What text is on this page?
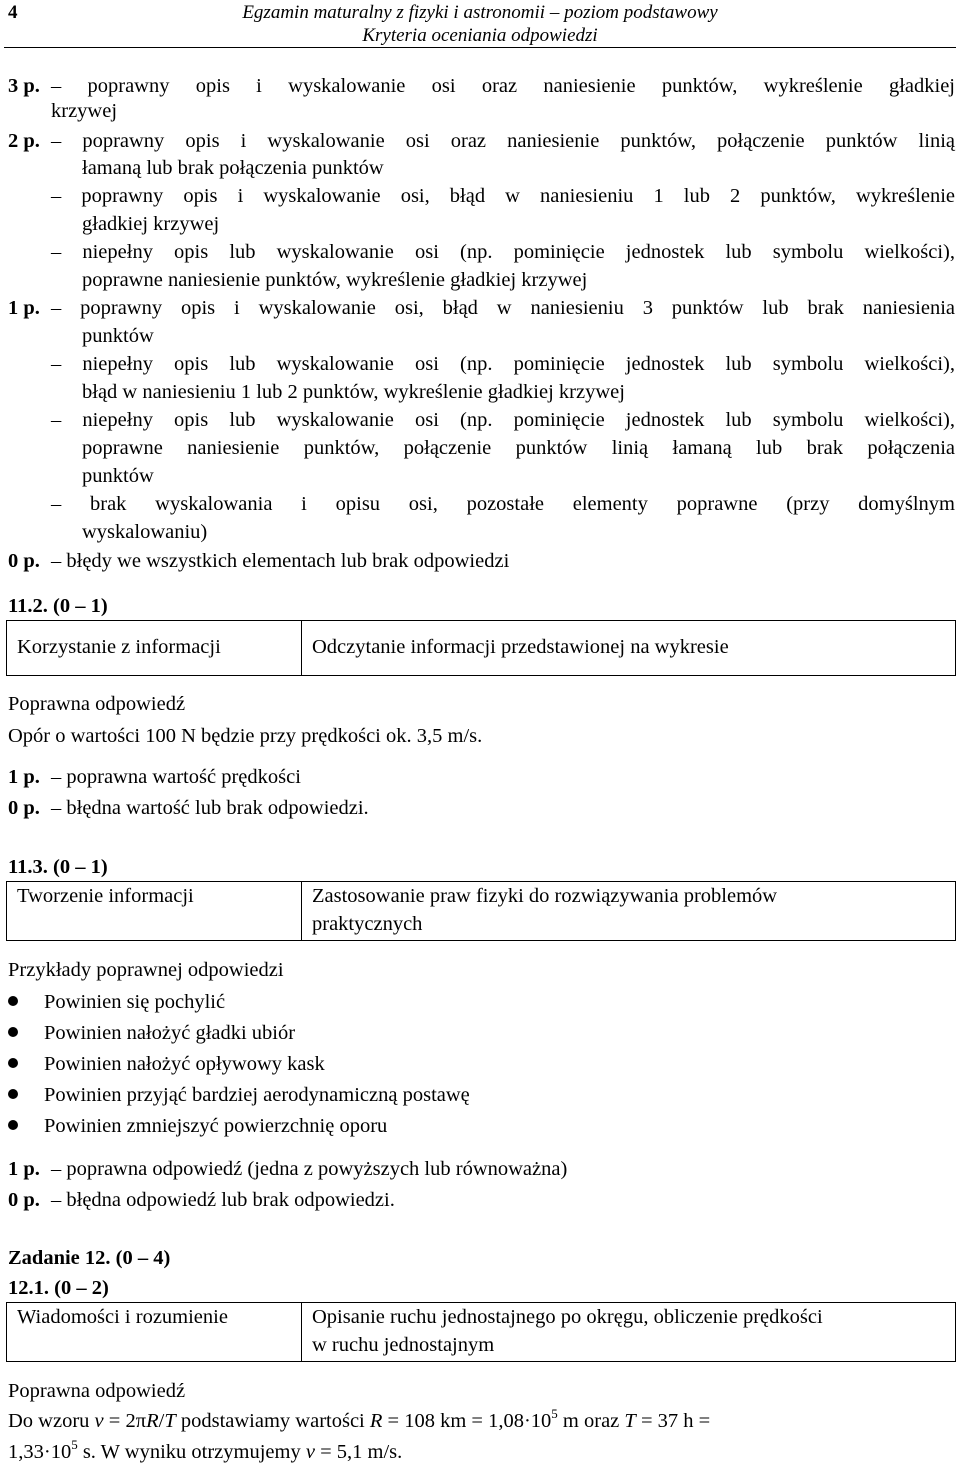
4	Egzamin maturalny z fizyki i astronomii – poziom podstawowy
Kryteria oceniania odpowiedzi
3 p. – poprawny opis i wyskalowanie osi oraz naniesienie punktów, wykreślenie gładkiej
krzywej
2 p. – poprawny opis i wyskalowanie osi oraz naniesienie punktów, połączenie punktów linią
łamaną lub brak połączenia punktów
– poprawny opis i wyskalowanie osi, błąd w naniesieniu 1 lub 2 punktów, wykreślenie
gładkiej krzywej
– niepełny opis lub wyskalowanie osi (np. pominięcie jednostek lub symbolu wielkości),
poprawne naniesienie punktów, wykreślenie gładkiej krzywej
1 p. – poprawny opis i wyskalowanie osi, błąd w naniesieniu 3 punktów lub brak naniesienia
punktów
– niepełny opis lub wyskalowanie osi (np. pominięcie jednostek lub symbolu wielkości),
błąd w naniesieniu 1 lub 2 punktów, wykreślenie gładkiej krzywej
– niepełny opis lub wyskalowanie osi (np. pominięcie jednostek lub symbolu wielkości),
poprawne naniesienie punktów, połączenie punktów linią łamaną lub brak połączenia
punktów
– brak wyskalowania i opisu osi, pozostałe elementy poprawne (przy domyślnym
wyskalowaniu)
0 p. – błędy we wszystkich elementach lub brak odpowiedzi
11.2. (0 – 1)
Korzystanie z informacji	Odczytanie informacji przedstawionej na wykresie
Poprawna odpowiedź
Opór o wartości 100 N będzie przy prędkości ok. 3,5 m/s.
1 p. – poprawna wartość prędkości
0 p. – błędna wartość lub brak odpowiedzi.
11.3. (0 – 1)
Tworzenie informacji	Zastosowanie praw fizyki do rozwiązywania problemów
praktycznych
Przykłady poprawnej odpowiedzi
Powinien się pochylić
Powinien nałożyć gładki ubiór
Powinien nałożyć opływowy kask
Powinien przyjąć bardziej aerodynamiczną postawę
Powinien zmniejszyć powierzchnię oporu
1 p. – poprawna odpowiedź (jedna z powyższych lub równoważna)
0 p. – błędna odpowiedź lub brak odpowiedzi.
Zadanie 12. (0 – 4)
12.1. (0 – 2)
Wiadomości i rozumienie	Opisanie ruchu jednostajnego po okręgu, obliczenie prędkości
w ruchu jednostajnym
Poprawna odpowiedź
Do wzoru v = 2πR/T podstawiamy wartości R = 108 km = $1,08\cdot 10^5$ m oraz T = 37 h =
$1,33\cdot 10^5$ s. W wyniku otrzymujemy v = 5,1 m/s.
